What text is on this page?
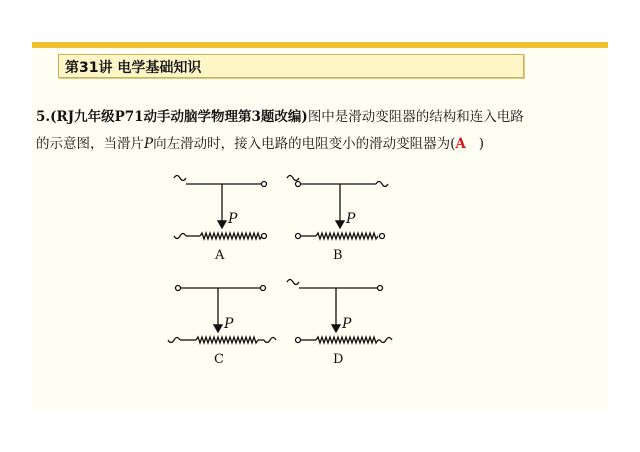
第31讲 电学基础知识
5.(RJ九年级P71动手动脑学物理第3题改编)图中是滑动变阻器的结构和连入电路
的示意图，当滑片P向左滑动时，接入电路的电阻变小的滑动变阻器为(A )
P
A
P
B
P
C
P
D
